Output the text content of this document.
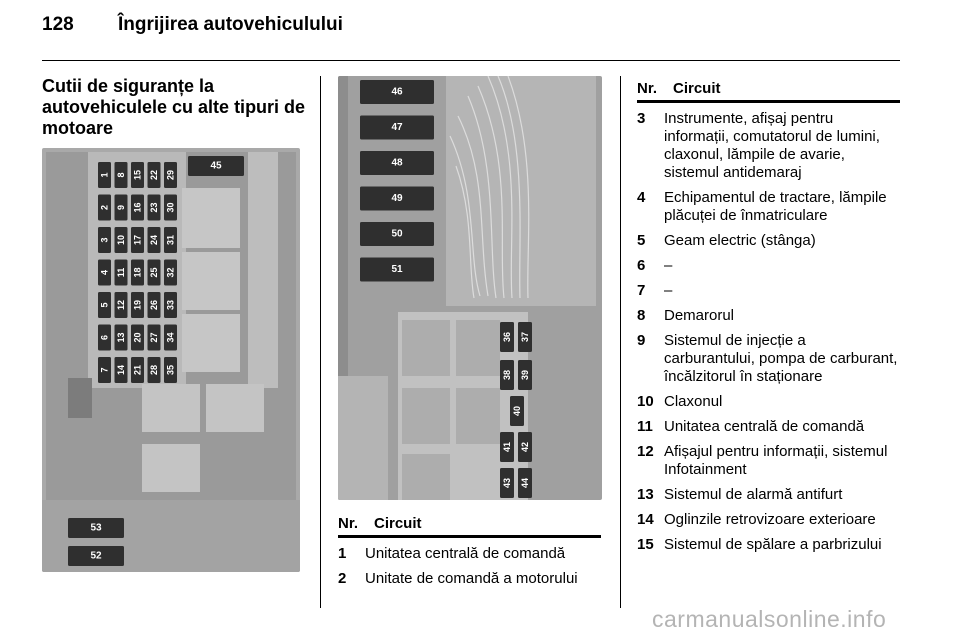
128 Îngrijirea autovehiculului
Cutii de siguranțe la autovehiculele cu alte tipuri de motoare
1
2
3
4
5
6
7
8
9
10
11
12
13
14
15
16
17
18
19
20
21
22
23
24
25
26
27
28
29
30
31
32
33
34
35
45
53
52
46
47
48
49
50
51
36 37
38 39
40
41 42
43 44
Nr.	Circuit
1	Unitatea centrală de comandă
2	Unitate de comandă a motorului
Nr.	Circuit
3	Instrumente, afișaj pentru informații, comutatorul de lumini, claxonul, lămpile de avarie, sistemul antidemaraj
4	Echipamentul de tractare, lămpile plăcuței de înmatriculare
5	Geam electric (stânga)
6	–
7	–
8	Demarorul
9	Sistemul de injecție a carburantului, pompa de carburant, încălzitorul în staționare
10 Claxonul
11 Unitatea centrală de comandă
12 Afișajul pentru informații, sistemul Infotainment
13 Sistemul de alarmă antifurt
14 Oglinzile retrovizoare exterioare
15 Sistemul de spălare a parbrizului
carmanualsonline.info
